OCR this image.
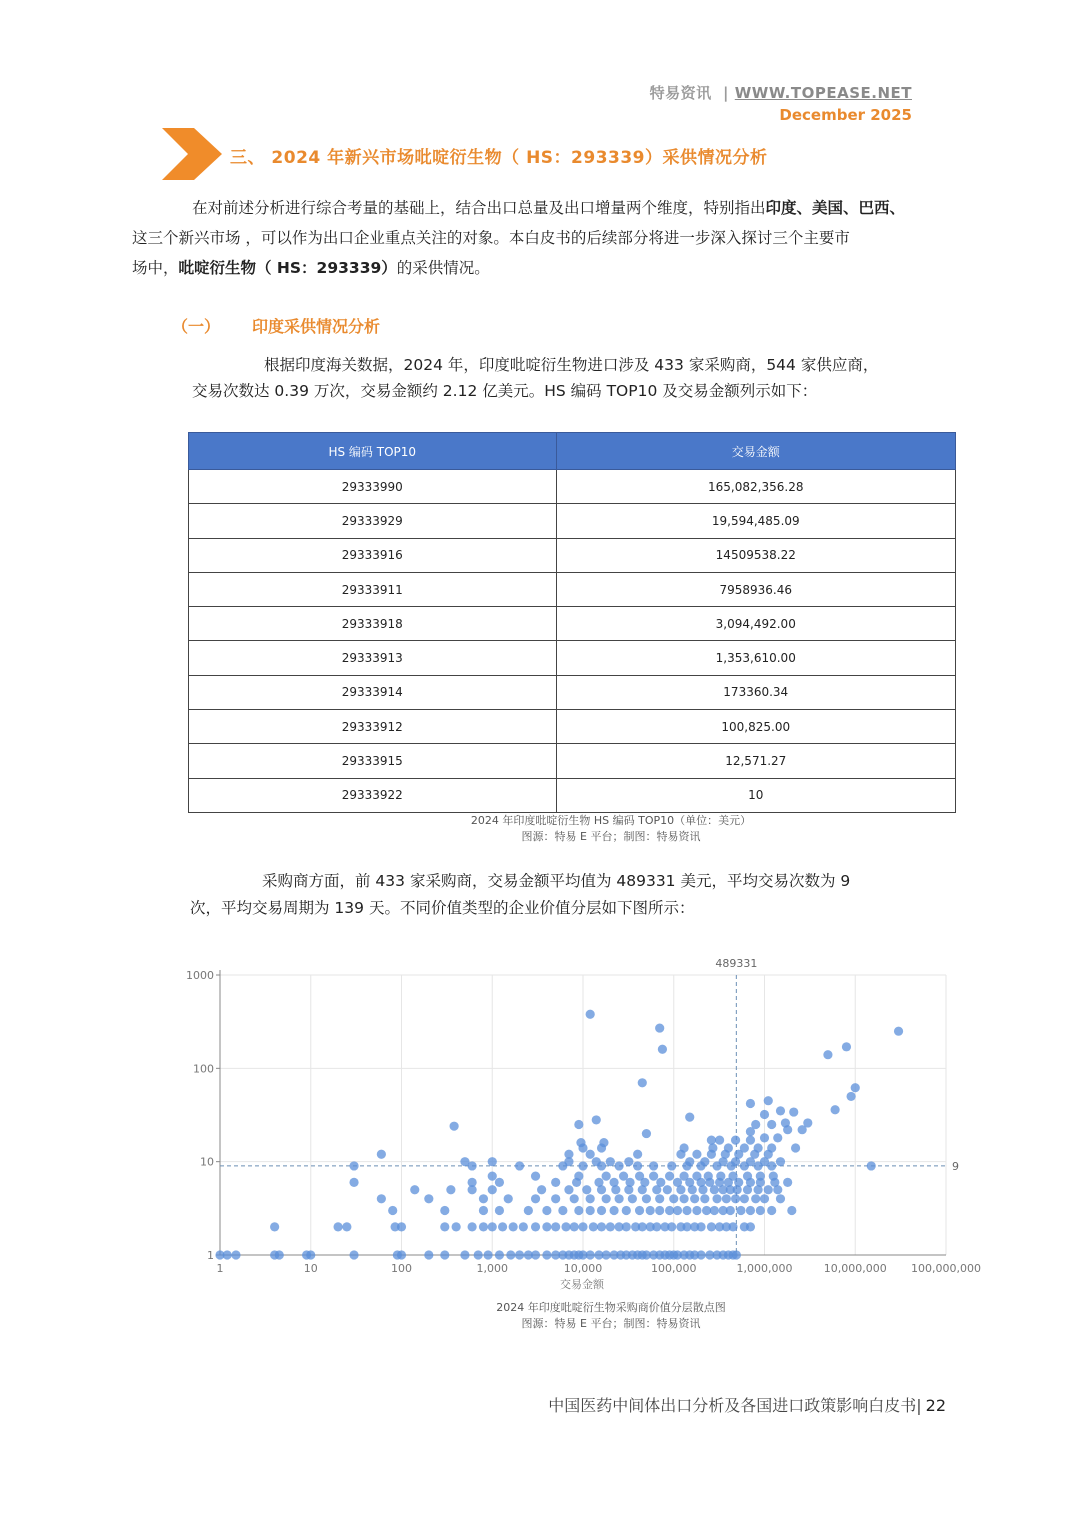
特易资讯 | WWW.TOPEASE.NET
December 2025
三、 2024 年新兴市场吡啶衍生物（ HS：293339）采供情况分析
在对前述分析进行综合考量的基础上，结合出口总量及出口增量两个维度，特别指出印度、美国、巴西、
这三个新兴市场 ，可以作为出口企业重点关注的对象。本白皮书的后续部分将进一步深入探讨三个主要市
场中，吡啶衍生物（ HS：293339）的采供情况。
（一） 印度采供情况分析
根据印度海关数据，2024 年，印度吡啶衍生物进口涉及 433 家采购商，544 家供应商，
交易次数达 0.39 万次，交易金额约 2.12 亿美元。HS 编码 TOP10 及交易金额列示如下：
HS 编码 TOP10	交易金额
29333990	165,082,356.28
29333929	19,594,485.09
29333916	14509538.22
29333911	7958936.46
29333918	3,094,492.00
29333913	1,353,610.00
29333914	173360.34
29333912	100,825.00
29333915	12,571.27
29333922	10
2024 年印度吡啶衍生物 HS 编码 TOP10（单位：美元）
图源：特易 E 平台；制图：特易资讯
采购商方面，前 433 家采购商，交易金额平均值为 489331 美元，平均交易次数为 9
次，平均交易周期为 139 天。不同价值类型的企业价值分层如下图所示：
1	10	100	1,000	10,000	100,000	1,000,000	10,000,000 100,000,000
1
10
100
1000
489331
9
交易金额
2024 年印度吡啶衍生物采购商价值分层散点图
图源：特易 E 平台；制图：特易资讯
中国医药中间体出口分析及各国进口政策影响白皮书| 22
